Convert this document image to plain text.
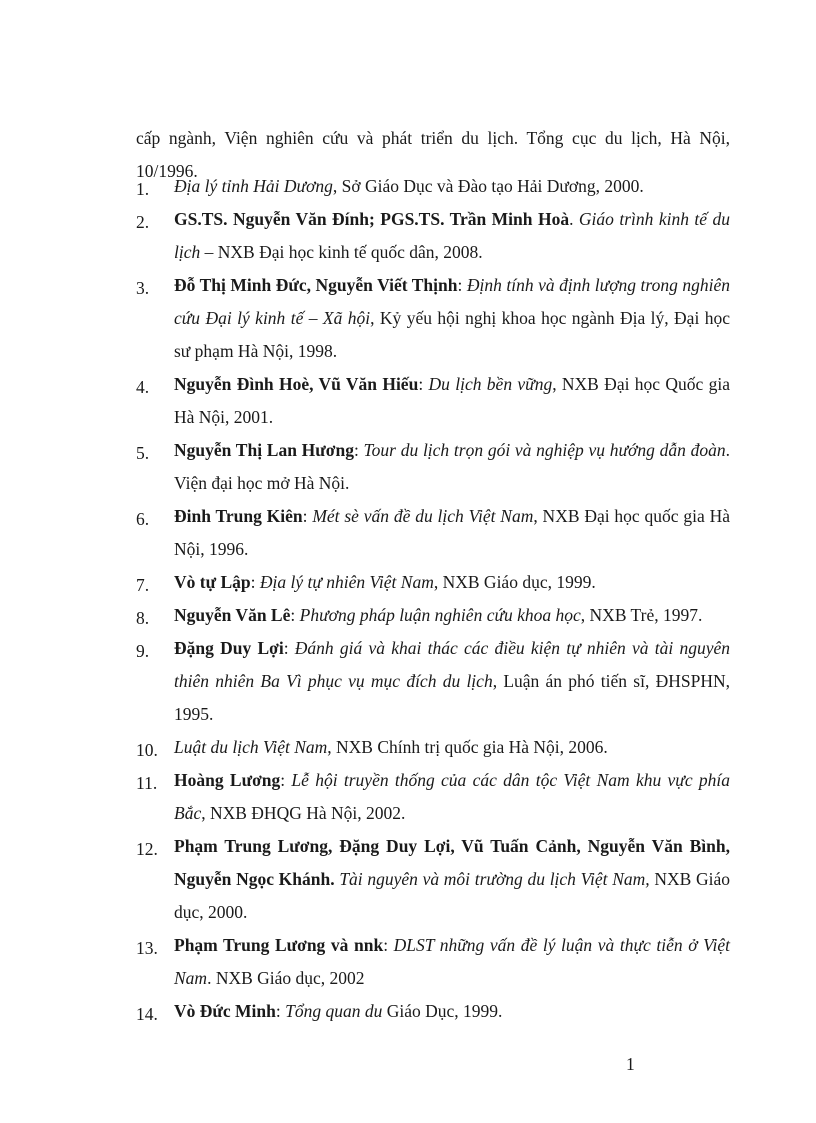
cấp ngành, Viện nghiên cứu và phát triển du lịch. Tổng cục du lịch, Hà Nội, 10/1996.

1.	Địa lý tỉnh Hải Dương, Sở Giáo Dục và Đào tạo Hải Dương, 2000.
2.	GS.TS. Nguyễn Văn Đính; PGS.TS. Trần Minh Hoà. Giáo trình kinh tế du lịch – NXB Đại học kinh tế quốc dân, 2008.
3.	Đỗ Thị Minh Đức, Nguyễn Viết Thịnh: Định tính và định lượng trong nghiên cứu Đại lý kinh tế – Xã hội, Kỷ yếu hội nghị khoa học ngành Địa lý, Đại học sư phạm Hà Nội, 1998.
4.	Nguyễn Đình Hoè, Vũ Văn Hiếu: Du lịch bền vững, NXB Đại học Quốc gia Hà Nội, 2001.
5.	Nguyễn Thị Lan Hương: Tour du lịch trọn gói và nghiệp vụ hướng dẫn đoàn. Viện đại học mở Hà Nội.
6.	Đinh Trung Kiên: Mét sè vấn đề du lịch Việt Nam, NXB Đại học quốc gia Hà Nội, 1996.
7.	Vò tự Lập: Địa lý tự nhiên Việt Nam, NXB Giáo dục, 1999.
8.	Nguyễn Văn Lê: Phương pháp luận nghiên cứu khoa học, NXB Trẻ, 1997.
9.	Đặng Duy Lợi: Đánh giá và khai thác các điều kiện tự nhiên và tài nguyên thiên nhiên Ba Vì phục vụ mục đích du lịch, Luận án phó tiến sĩ, ĐHSPHN, 1995.
10. Luật du lịch Việt Nam, NXB Chính trị quốc gia Hà Nội, 2006.
11. Hoàng Lương: Lễ hội truyền thống của các dân tộc Việt Nam khu vực phía Bắc, NXB ĐHQG Hà Nội, 2002.
12. Phạm Trung Lương, Đặng Duy Lợi, Vũ Tuấn Cảnh, Nguyễn Văn Bình, Nguyễn Ngọc Khánh. Tài nguyên và môi trường du lịch Việt Nam, NXB Giáo dục, 2000.
13. Phạm Trung Lương và nnk: DLST những vấn đề lý luận và thực tiễn ở Việt Nam. NXB Giáo dục, 2002
14. Vò Đức Minh: Tổng quan du Giáo Dục, 1999.
1
